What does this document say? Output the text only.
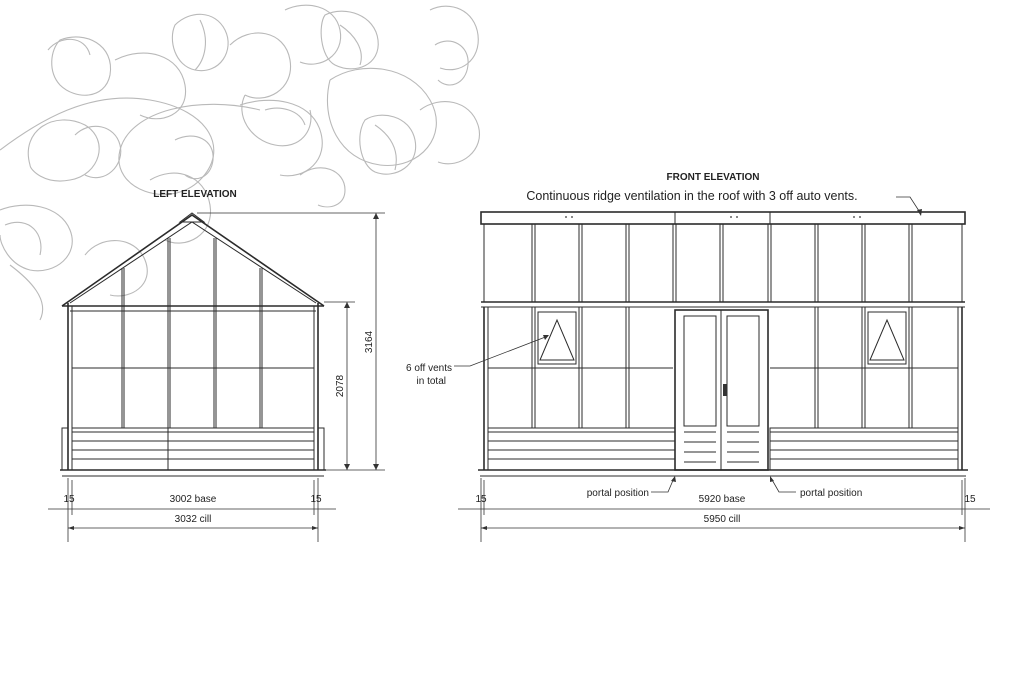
LEFT ELEVATION
3164
2078
15	15
3002 base
3032 cill
FRONT ELEVATION
Continuous ridge ventilation in the roof with 3 off auto vents.
6 off vents
in total
portal position	portal position
15	15
5920 base
5950 cill
